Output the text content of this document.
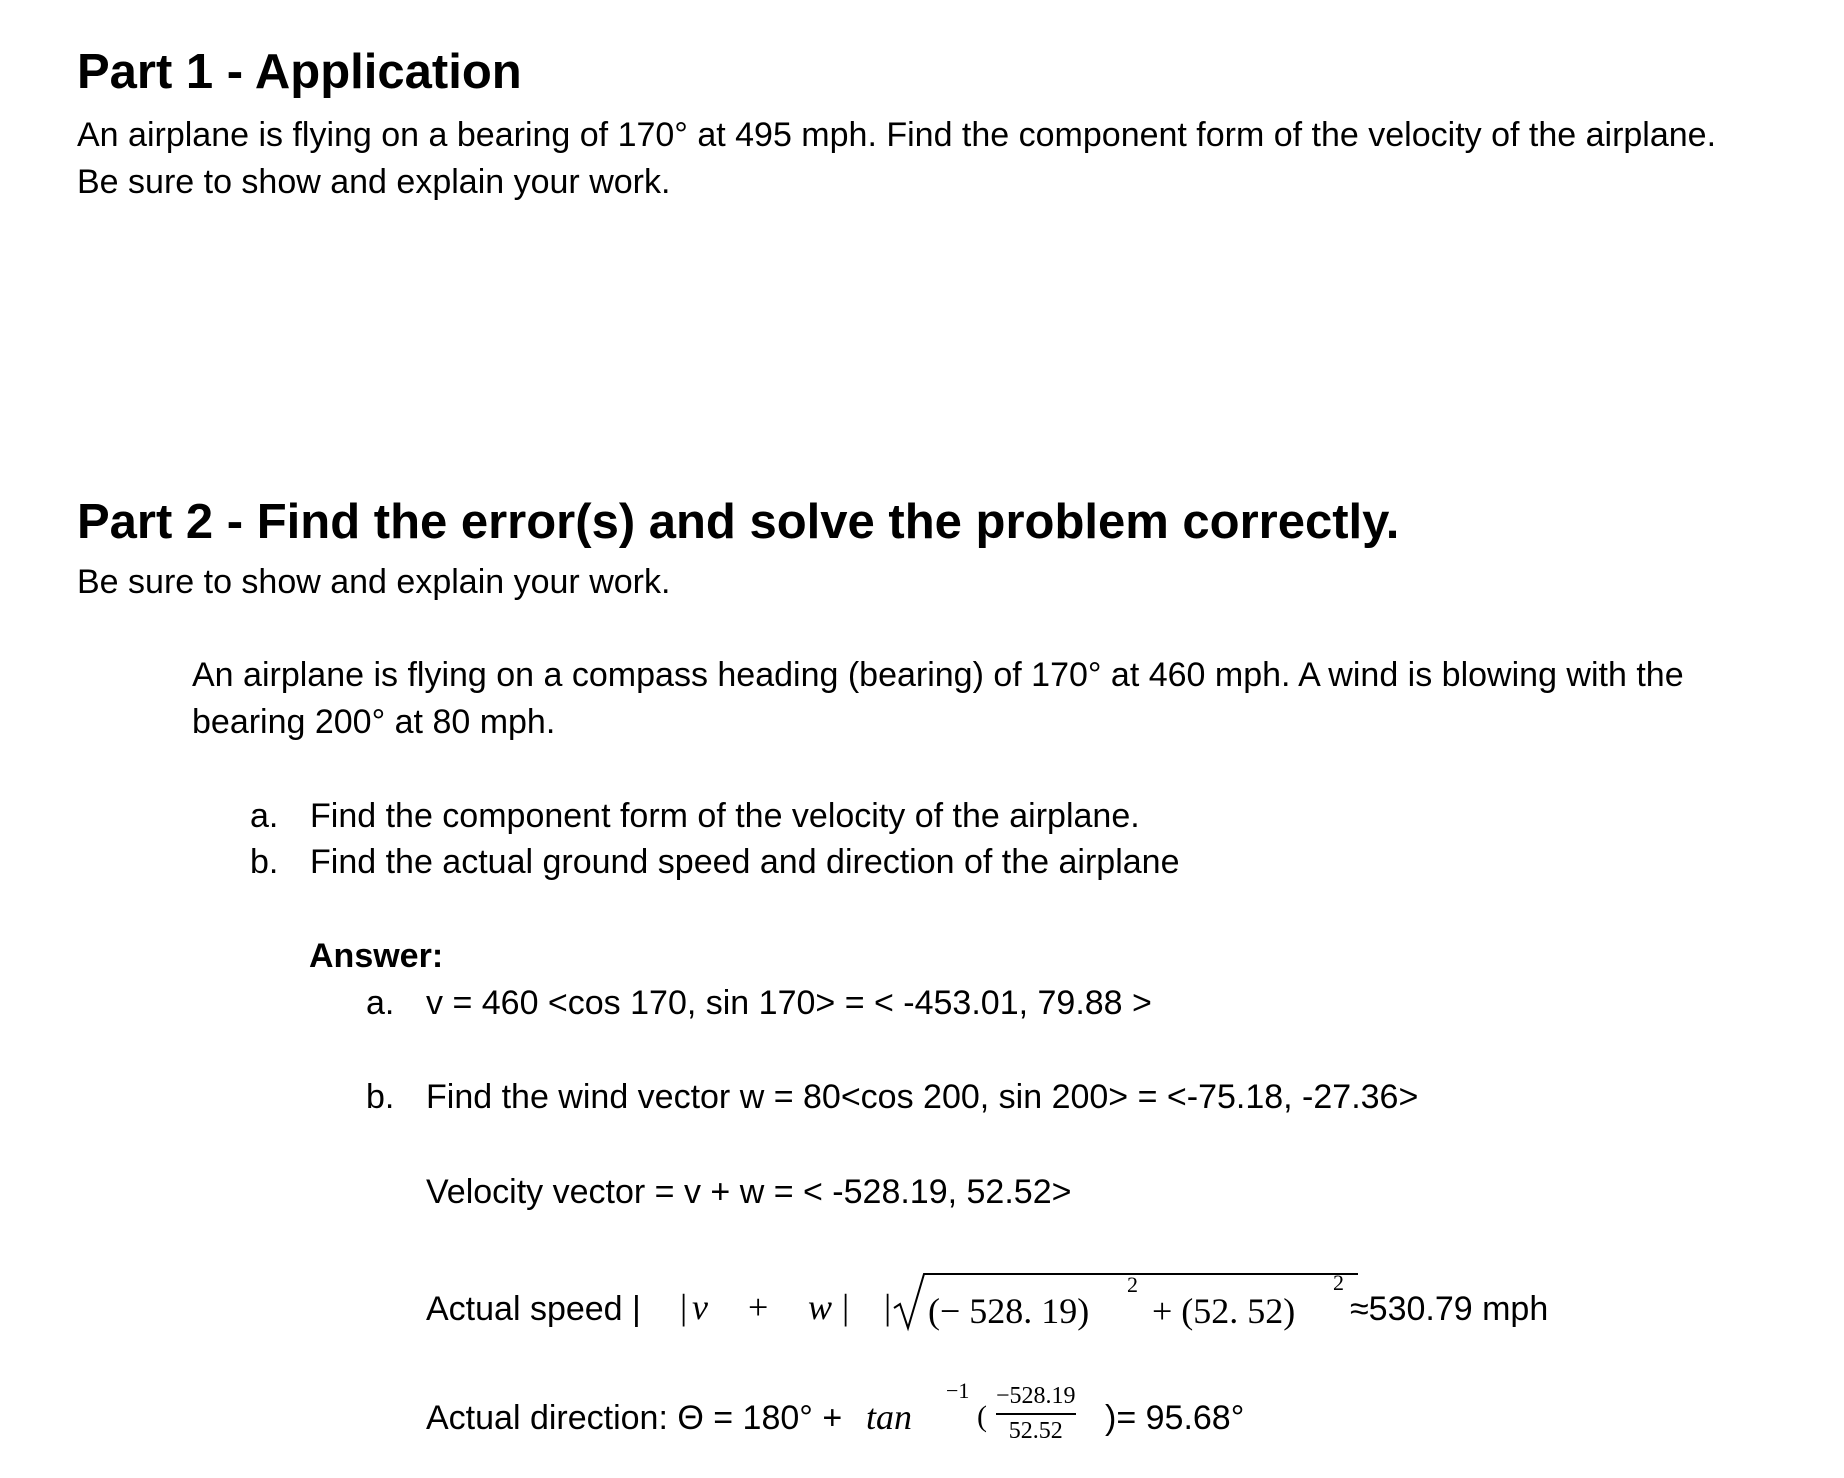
Part 1 - Application
An airplane is flying on a bearing of 170° at 495 mph. Find the component form of the velocity of the airplane.
Be sure to show and explain your work.
Part 2 - Find the error(s) and solve the problem correctly.
Be sure to show and explain your work.
An airplane is flying on a compass heading (bearing) of 170° at 460 mph. A wind is blowing with the
bearing 200° at 80 mph.
a. Find the component form of the velocity of the airplane.
b. Find the actual ground speed and direction of the airplane
Answer:
a. v = 460 <cos 170, sin 170> = < -453.01, 79.88 >
b. Find the wind vector w = 80<cos 200, sin 200> = <-75.18, -27.36>
Velocity vector = v + w = < -528.19, 52.52>
Actual speed | | v + w | | (− 528. 19)
2
+ (52. 52)
2
≈530.79 mph
Actual direction: Θ = 180° + tan
−1
(
−528.19
52.52 )= 95.68°
